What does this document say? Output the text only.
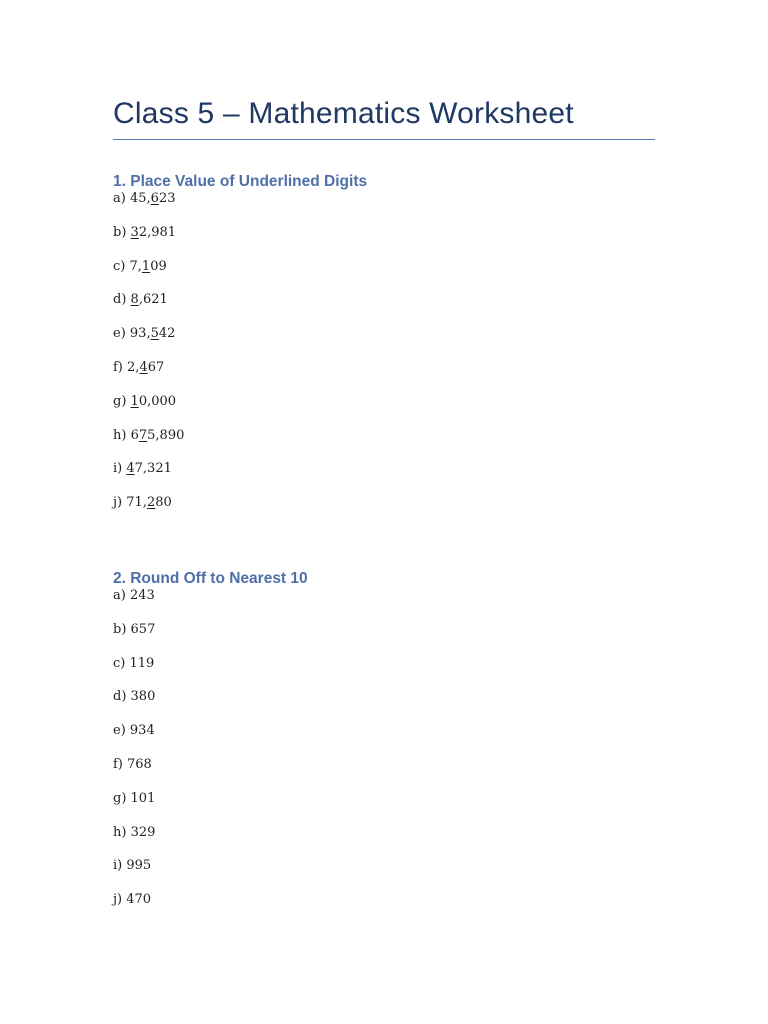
Class 5 – Mathematics Worksheet
1. Place Value of Underlined Digits
a) 45,623
b) 32,981
c) 7,109
d) 8,621
e) 93,542
f) 2,467
g) 10,000
h) 675,890
i) 47,321
j) 71,280
2. Round Off to Nearest 10
a) 243
b) 657
c) 119
d) 380
e) 934
f) 768
g) 101
h) 329
i) 995
j) 470
